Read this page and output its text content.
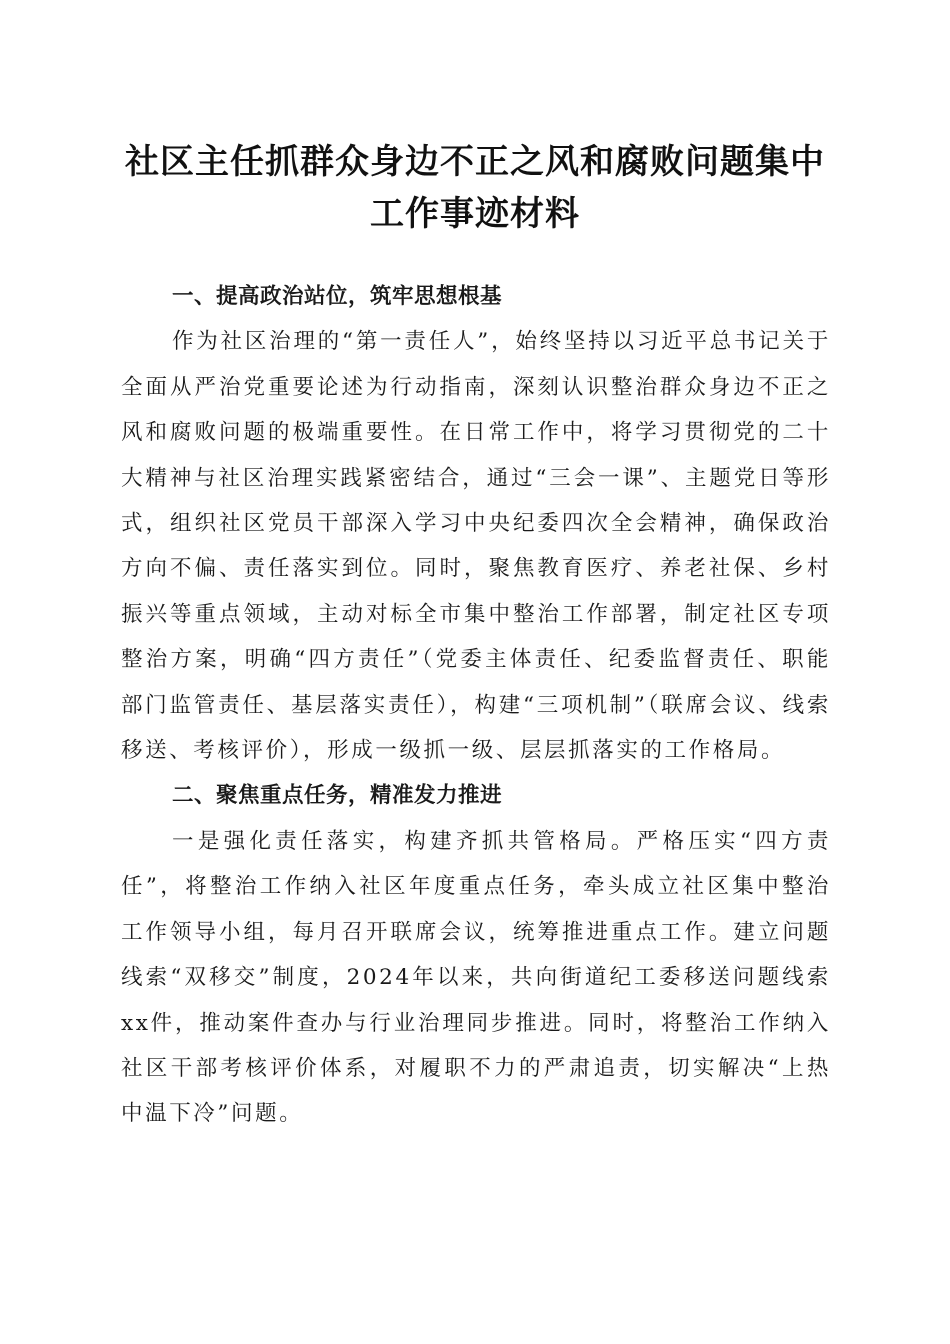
社区主任抓群众身边不正之风和腐败问题集中
工作事迹材料

一、提高政治站位，筑牢思想根基

作为社区治理的“第一责任人”，始终坚持以习近平总书记关于全面从严治党重要论述为行动指南，深刻认识整治群众身边不正之风和腐败问题的极端重要性。在日常工作中，将学习贯彻党的二十大精神与社区治理实践紧密结合，通过“三会一课”、主题党日等形式，组织社区党员干部深入学习中央纪委四次全会精神，确保政治方向不偏、责任落实到位。同时，聚焦教育医疗、养老社保、乡村振兴等重点领域，主动对标全市集中整治工作部署，制定社区专项整治方案，明确“四方责任”（党委主体责任、纪委监督责任、职能部门监管责任、基层落实责任），构建“三项机制”（联席会议、线索移送、考核评价），形成一级抓一级、层层抓落实的工作格局。

二、聚焦重点任务，精准发力推进

一是强化责任落实，构建齐抓共管格局。严格压实“四方责任”，将整治工作纳入社区年度重点任务，牵头成立社区集中整治工作领导小组，每月召开联席会议，统筹推进重点工作。建立问题线索“双移交”制度，2024年以来，共向街道纪工委移送问题线索xx件，推动案件查办与行业治理同步推进。同时，将整治工作纳入社区干部考核评价体系，对履职不力的严肃追责，切实解决“上热中温下冷”问题。
